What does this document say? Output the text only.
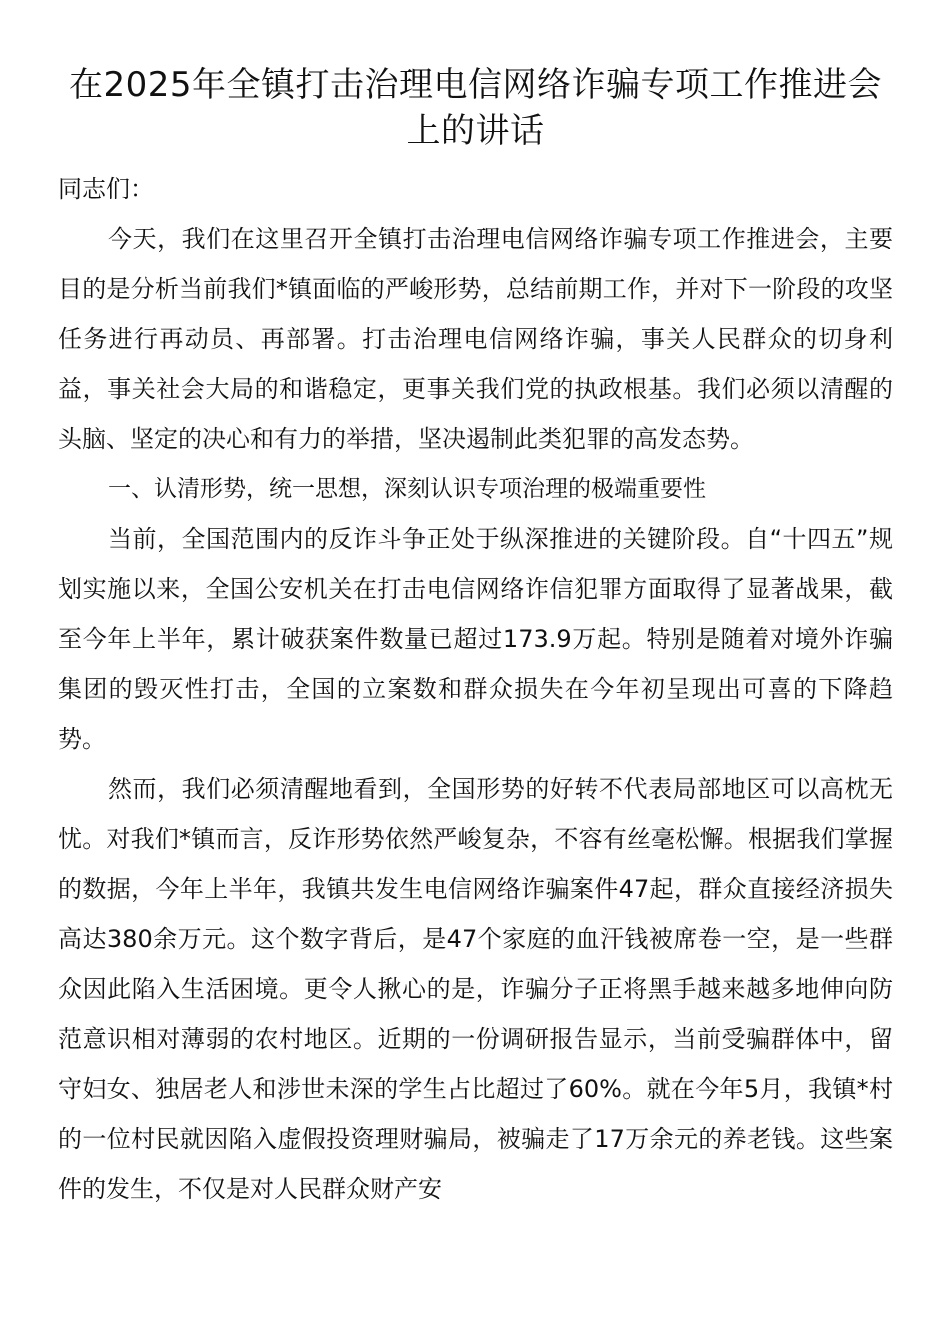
在2025年全镇打击治理电信网络诈骗专项工作推进会上的讲话

同志们：

今天，我们在这里召开全镇打击治理电信网络诈骗专项工作推进会，主要目的是分析当前我们*镇面临的严峻形势，总结前期工作，并对下一阶段的攻坚任务进行再动员、再部署。打击治理电信网络诈骗，事关人民群众的切身利益，事关社会大局的和谐稳定，更事关我们党的执政根基。我们必须以清醒的头脑、坚定的决心和有力的举措，坚决遏制此类犯罪的高发态势。

一、认清形势，统一思想，深刻认识专项治理的极端重要性

当前，全国范围内的反诈斗争正处于纵深推进的关键阶段。自“十四五”规划实施以来，全国公安机关在打击电信网络诈信犯罪方面取得了显著战果，截至今年上半年，累计破获案件数量已超过173.9万起。特别是随着对境外诈骗集团的毁灭性打击，全国的立案数和群众损失在今年初呈现出可喜的下降趋势。

然而，我们必须清醒地看到，全国形势的好转不代表局部地区可以高枕无忧。对我们*镇而言，反诈形势依然严峻复杂，不容有丝毫松懈。根据我们掌握的数据，今年上半年，我镇共发生电信网络诈骗案件47起，群众直接经济损失高达380余万元。这个数字背后，是47个家庭的血汗钱被席卷一空，是一些群众因此陷入生活困境。更令人揪心的是，诈骗分子正将黑手越来越多地伸向防范意识相对薄弱的农村地区。近期的一份调研报告显示，当前受骗群体中，留守妇女、独居老人和涉世未深的学生占比超过了60%。就在今年5月，我镇*村的一位村民就因陷入虚假投资理财骗局，被骗走了17万余元的养老钱。这些案件的发生，不仅是对人民群众财产安
